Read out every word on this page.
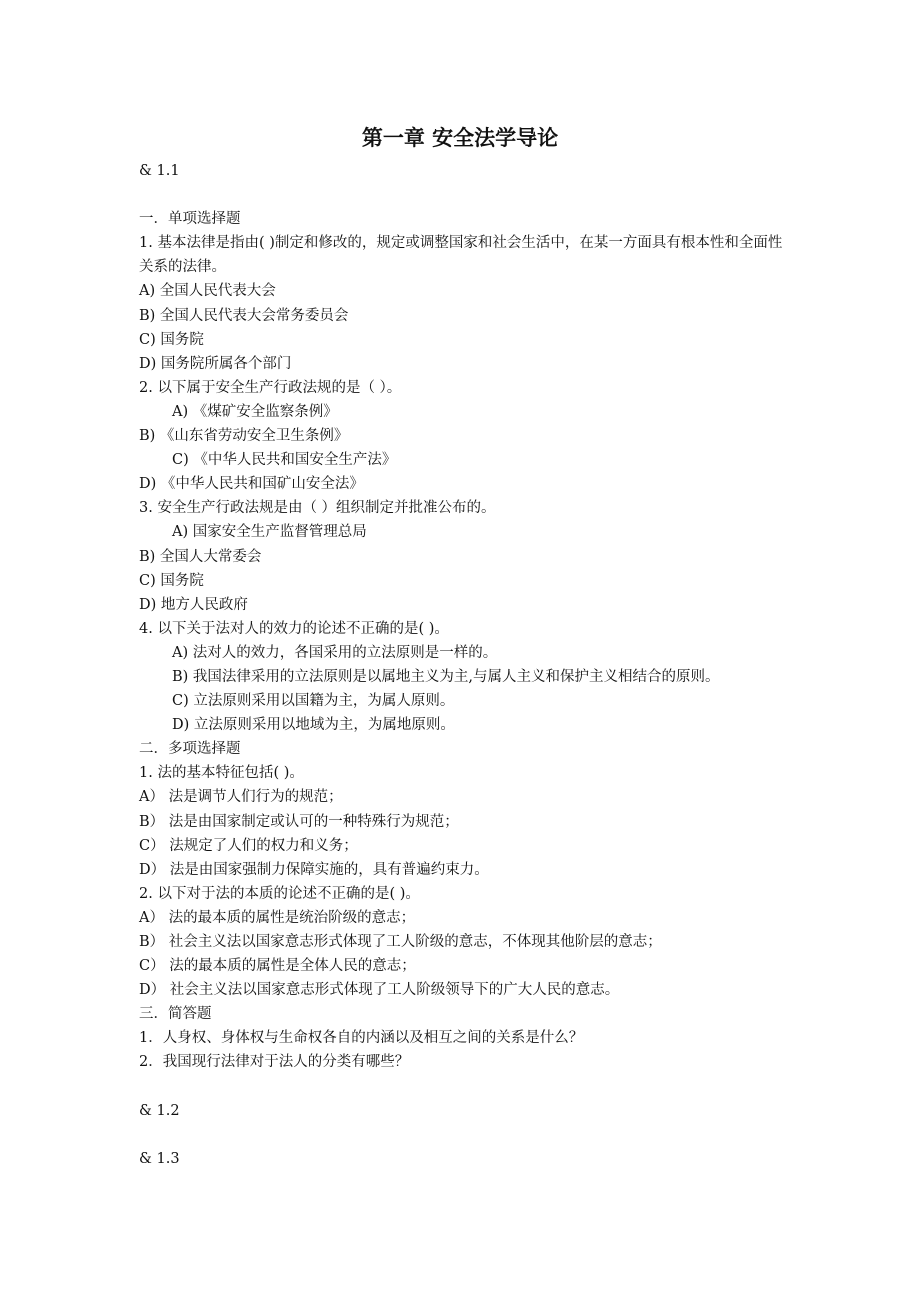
第一章 安全法学导论
& 1.1
一．单项选择题
1. 基本法律是指由( )制定和修改的，规定或调整国家和社会生活中，在某一方面具有根本性和全面性关系的法律。
A) 全国人民代表大会
B) 全国人民代表大会常务委员会
C) 国务院
D) 国务院所属各个部门
2. 以下属于安全生产行政法规的是（ ）。
A) 《煤矿安全监察条例》
B) 《山东省劳动安全卫生条例》
C) 《中华人民共和国安全生产法》
D) 《中华人民共和国矿山安全法》
3. 安全生产行政法规是由（ ）组织制定并批准公布的。
A) 国家安全生产监督管理总局
B) 全国人大常委会
C) 国务院
D) 地方人民政府
4. 以下关于法对人的效力的论述不正确的是( )。
A) 法对人的效力，各国采用的立法原则是一样的。
B) 我国法律采用的立法原则是以属地主义为主,与属人主义和保护主义相结合的原则。
C) 立法原则采用以国籍为主，为属人原则。
D) 立法原则采用以地域为主，为属地原则。
二．多项选择题
1. 法的基本特征包括( )。
A） 法是调节人们行为的规范；
B） 法是由国家制定或认可的一种特殊行为规范；
C） 法规定了人们的权力和义务；
D） 法是由国家强制力保障实施的，具有普遍约束力。
2. 以下对于法的本质的论述不正确的是( )。
A） 法的最本质的属性是统治阶级的意志；
B） 社会主义法以国家意志形式体现了工人阶级的意志，不体现其他阶层的意志；
C） 法的最本质的属性是全体人民的意志；
D） 社会主义法以国家意志形式体现了工人阶级领导下的广大人民的意志。
三．简答题
1．人身权、身体权与生命权各自的内涵以及相互之间的关系是什么？
2．我国现行法律对于法人的分类有哪些？
& 1.2
& 1.3
